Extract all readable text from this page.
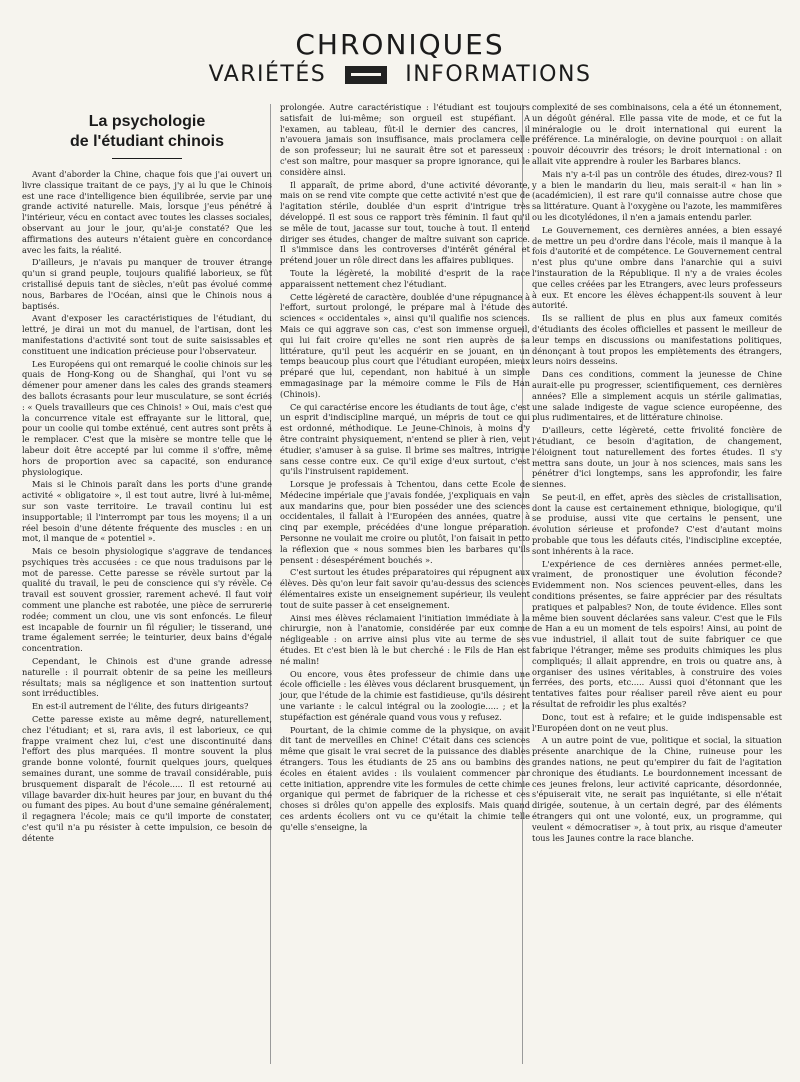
CHRONIQUES
VARIÉTÉS	INFORMATIONS
La psychologie
de l'étudiant chinois

Avant d'aborder la Chine, chaque fois que j'ai ouvert un livre classique traitant de ce pays, j'y ai lu que le Chinois est une race d'intelligence bien équilibrée, servie par une grande activité naturelle. Mais, lorsque j'eus pénétré à l'intérieur, vécu en contact avec toutes les classes sociales, observant au jour le jour, qu'ai-je constaté? Que les affirmations des auteurs n'étaient guère en concordance avec les faits, la réalité.

D'ailleurs, je n'avais pu manquer de trouver étrange qu'un si grand peuple, toujours qualifié laborieux, se fût cristallisé depuis tant de siècles, n'eût pas évolué comme nous, Barbares de l'Océan, ainsi que le Chinois nous a baptisés.

Avant d'exposer les caractéristiques de l'étudiant, du lettré, je dirai un mot du manuel, de l'artisan, dont les manifestations d'activité sont tout de suite saisissables et constituent une indication précieuse pour l'observateur.

Les Européens qui ont remarqué le coolie chinois sur les quais de Hong-Kong ou de Shanghaï, qui l'ont vu se démener pour amener dans les cales des grands steamers des ballots écrasants pour leur musculature, se sont écriés : « Quels travailleurs que ces Chinois! » Oui, mais c'est que la concurrence vitale est effrayante sur le littoral, que, pour un coolie qui tombe exténué, cent autres sont prêts à le remplacer. C'est que la misère se montre telle que le labeur doit être accepté par lui comme il s'offre, même hors de proportion avec sa capacité, son endurance physiologique.

Mais si le Chinois paraît dans les ports d'une grande activité « obligatoire », il est tout autre, livré à lui-même, sur son vaste territoire. Le travail continu lui est insupportable; il l'interrompt par tous les moyens; il a un réel besoin d'une détente fréquente des muscles : en un mot, il manque de « potentiel ».

Mais ce besoin physiologique s'aggrave de tendances psychiques très accusées : ce que nous traduisons par le mot de paresse. Cette paresse se révèle surtout par la qualité du travail, le peu de conscience qui s'y révèle. Ce travail est souvent grossier, rarement achevé. Il faut voir comment une planche est rabotée, une pièce de serrurerie rodée; comment un clou, une vis sont enfoncés. Le fileur est incapable de fournir un fil régulier; le tisserand, une trame également serrée; le teinturier, deux bains d'égale concentration.

Cependant, le Chinois est d'une grande adresse naturelle : il pourrait obtenir de sa peine les meilleurs résultats; mais sa négligence et son inattention surtout sont irréductibles.

En est-il autrement de l'élite, des futurs dirigeants?

Cette paresse existe au même degré, naturellement, chez l'étudiant; et si, rara avis, il est laborieux, ce qui frappe vraiment chez lui, c'est une discontinuité dans l'effort des plus marquées. Il montre souvent la plus grande bonne volonté, fournit quelques jours, quelques semaines durant, une somme de travail considérable, puis brusquement disparaît de l'école..... Il est retourné au village bavarder dix-huit heures par jour, en buvant du thé ou fumant des pipes. Au bout d'une semaine généralement, il regagnera l'école; mais ce qu'il importe de constater, c'est qu'il n'a pu résister à cette impulsion, ce besoin de détente

prolongée. Autre caractéristique : l'étudiant est toujours satisfait de lui-même; son orgueil est stupéfiant. A l'examen, au tableau, fût-il le dernier des cancres, il n'avouera jamais son insuffisance, mais proclamera celle de son professeur; lui ne saurait être sot et paresseux : c'est son maître, pour masquer sa propre ignorance, qui le considère ainsi.

Il apparaît, de prime abord, d'une activité dévorante, mais on se rend vite compte que cette activité n'est que de l'agitation stérile, doublée d'un esprit d'intrigue très développé. Il est sous ce rapport très féminin. Il faut qu'il se mêle de tout, jacasse sur tout, touche à tout. Il entend diriger ses études, changer de maître suivant son caprice. Il s'immisce dans les controverses d'intérêt général et prétend jouer un rôle direct dans les affaires publiques.

Toute la légèreté, la mobilité d'esprit de la race apparaissent nettement chez l'étudiant.

Cette légèreté de caractère, doublée d'une répugnance à l'effort, surtout prolongé, le prépare mal à l'étude des sciences « occidentales », ainsi qu'il qualifie nos sciences. Mais ce qui aggrave son cas, c'est son immense orgueil, qui lui fait croire qu'elles ne sont rien auprès de sa littérature, qu'il peut les acquérir en se jouant, en un temps beaucoup plus court que l'étudiant européen, mieux préparé que lui, cependant, non habitué à un simple emmagasinage par la mémoire comme le Fils de Han (Chinois).

Ce qui caractérise encore les étudiants de tout âge, c'est un esprit d'indiscipline marqué, un mépris de tout ce qui est ordonné, méthodique. Le Jeune-Chinois, à moins d'y être contraint physiquement, n'entend se plier à rien, veut étudier, s'amuser à sa guise. Il brime ses maîtres, intrigue sans cesse contre eux. Ce qu'il exige d'eux surtout, c'est qu'ils l'instruisent rapidement.

Lorsque je professais à Tchentou, dans cette Ecole de Médecine impériale que j'avais fondée, j'expliquais en vain aux mandarins que, pour bien posséder une des sciences occidentales, il fallait à l'Européen des années, quatre à cinq par exemple, précédées d'une longue préparation. Personne ne voulait me croire ou plutôt, l'on faisait in petto la réflexion que « nous sommes bien les barbares qu'ils pensent : désespérément bouchés ».

C'est surtout les études préparatoires qui répugnent aux élèves. Dès qu'on leur fait savoir qu'au-dessus des sciences élémentaires existe un enseignement supérieur, ils veulent tout de suite passer à cet enseignement.

Ainsi mes élèves réclamaient l'initiation immédiate à la chirurgie, non à l'anatomie, considérée par eux comme négligeable : on arrive ainsi plus vite au terme de ses études. Et c'est bien là le but cherché : le Fils de Han est né malin!

Ou encore, vous êtes professeur de chimie dans une école officielle : les élèves vous déclarent brusquement, un jour, que l'étude de la chimie est fastidieuse, qu'ils désirent une variante : le calcul intégral ou la zoologie..... ; et la stupéfaction est générale quand vous vous y refusez.

Pourtant, de la chimie comme de la physique, on avait dit tant de merveilles en Chine! C'était dans ces sciences même que gisait le vrai secret de la puissance des diables étrangers. Tous les étudiants de 25 ans ou bambins des écoles en étaient avides : ils voulaient commencer par cette initiation, apprendre vite les formules de cette chimie organique qui permet de fabriquer de la richesse et ces choses si drôles qu'on appelle des explosifs. Mais quand ces ardents écoliers ont vu ce qu'était la chimie telle qu'elle s'enseigne, la

complexité de ses combinaisons, cela a été un étonnement, un dégoût général. Elle passa vite de mode, et ce fut la minéralogie ou le droit international qui eurent la préférence. La minéralogie, on devine pourquoi : on allait pouvoir découvrir des trésors; le droit international : on allait vite apprendre à rouler les Barbares blancs.

Mais n'y a-t-il pas un contrôle des études, direz-vous? Il y a bien le mandarin du lieu, mais serait-il « han lin » (académicien), il est rare qu'il connaisse autre chose que sa littérature. Quant à l'oxygène ou l'azote, les mammifères ou les dicotylédones, il n'en a jamais entendu parler.

Le Gouvernement, ces dernières années, a bien essayé de mettre un peu d'ordre dans l'école, mais il manque à la fois d'autorité et de compétence. Le Gouvernement central n'est plus qu'une ombre dans l'anarchie qui a suivi l'instauration de la République. Il n'y a de vraies écoles que celles créées par les Etrangers, avec leurs professeurs à eux. Et encore les élèves échappent-ils souvent à leur autorité.

Ils se rallient de plus en plus aux fameux comités d'étudiants des écoles officielles et passent le meilleur de leur temps en discussions ou manifestations politiques, dénonçant à tout propos les empiètements des étrangers, leurs noirs desseins.

Dans ces conditions, comment la jeunesse de Chine aurait-elle pu progresser, scientifiquement, ces dernières années? Elle a simplement acquis un stérile galimatias, une salade indigeste de vague science européenne, des plus rudimentaires, et de littérature chinoise.

D'ailleurs, cette légèreté, cette frivolité foncière de l'étudiant, ce besoin d'agitation, de changement, l'éloignent tout naturellement des fortes études. Il s'y mettra sans doute, un jour à nos sciences, mais sans les pénétrer d'ici longtemps, sans les approfondir, les faire siennes.

Se peut-il, en effet, après des siècles de cristallisation, dont la cause est certainement ethnique, biologique, qu'il se produise, aussi vite que certains le pensent, une évolution sérieuse et profonde? C'est d'autant moins probable que tous les défauts cités, l'indiscipline exceptée, sont inhérents à la race.

L'expérience de ces dernières années permet-elle, vraiment, de pronostiquer une évolution féconde? Evidemment non. Nos sciences peuvent-elles, dans les conditions présentes, se faire apprécier par des résultats pratiques et palpables? Non, de toute évidence. Elles sont même bien souvent déclarées sans valeur. C'est que le Fils de Han a eu un moment de tels espoirs! Ainsi, au point de vue industriel, il allait tout de suite fabriquer ce que fabrique l'étranger, même ses produits chimiques les plus compliqués; il allait apprendre, en trois ou quatre ans, à organiser des usines véritables, à construire des voies ferrées, des ports, etc..... Aussi quoi d'étonnant que les tentatives faites pour réaliser pareil rêve aient eu pour résultat de refroidir les plus exaltés?

Donc, tout est à refaire; et le guide indispensable est l'Européen dont on ne veut plus.

A un autre point de vue, politique et social, la situation présente anarchique de la Chine, ruineuse pour les grandes nations, ne peut qu'empirer du fait de l'agitation chronique des étudiants. Le bourdonnement incessant de ces jeunes frelons, leur activité capricante, désordonnée, s'épuiserait vite, ne serait pas inquiétante, si elle n'était dirigée, soutenue, à un certain degré, par des éléments étrangers qui ont une volonté, eux, un programme, qui veulent « démocratiser », à tout prix, au risque d'ameuter tous les Jaunes contre la race blanche.
